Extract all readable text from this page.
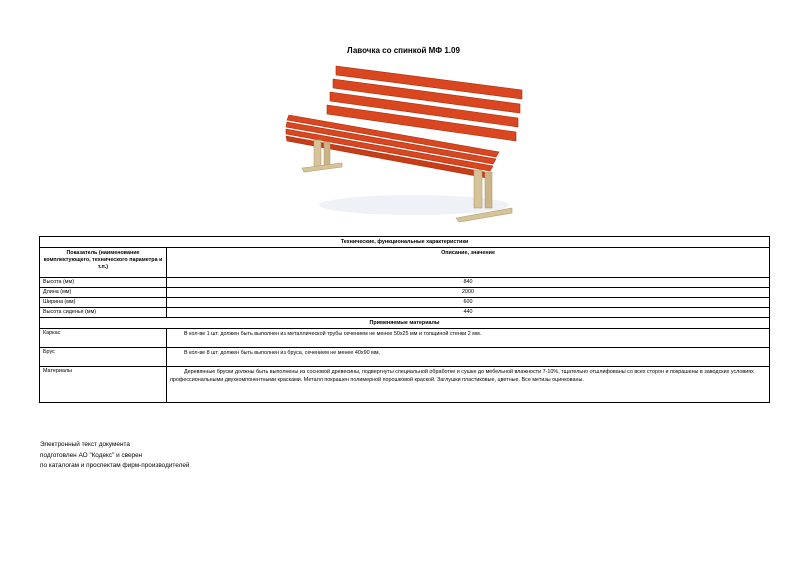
Лавочка со спинкой МФ 1.09
Технические, функциональные характеристики	
Показатель (наименование комплектующего, технического параметра и т.п.)	Описание, значение
Высота (мм)	840
Длина (мм)	2000
Ширина (мм)	600
Высота сиденья (мм)	440
Применяемые материалы	
Каркас	В кол-ве 1 шт. должен быть выполнен из металлической трубы сечением не менее 50х25 мм и толщиной стенки 2 мм.
Брус	В кол-ве 8 шт. должен быть выполнен из бруса, сечением не менее 40х90 мм.
Материалы	Деревянные бруски должны быть выполнены из сосновой древесины, подвергнуты специальной обработке и сушке до мебельной влажности 7-10%, тщательно отшлифованы со всех сторон и покрашены в заводских условиях профессиональными двухкомпонентными красками. Металл покрашен полимерной порошковой краской. Заглушки пластиковые, цветные. Все метизы оцинкованы.
Электронный текст документа
подготовлен АО "Кодекс" и сверен
по каталогам и проспектам фирм-производителей
